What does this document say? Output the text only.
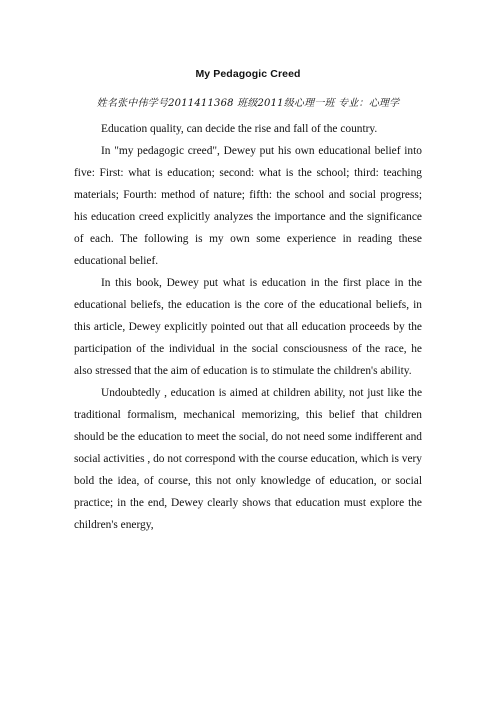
My Pedagogic Creed
姓名张中伟学号2011411368 班级2011级心理一班 专业：心理学

Education quality, can decide the rise and fall of the country.

In "my pedagogic creed", Dewey put his own educational belief into five: First: what is education; second: what is the school; third: teaching materials; Fourth: method of nature; fifth: the school and social progress; his education creed explicitly analyzes the importance and the significance of each. The following is my own some experience in reading these educational belief.

In this book, Dewey put what is education in the first place in the educational beliefs, the education is the core of the educational beliefs, in this article, Dewey explicitly pointed out that all education proceeds by the participation of the individual in the social consciousness of the race, he also stressed that the aim of education is to stimulate the children's ability.

Undoubtedly , education is aimed at children ability, not just like the traditional formalism, mechanical memorizing, this belief that children should be the education to meet the social, do not need some indifferent and social activities , do not correspond with the course education, which is very bold the idea, of course, this not only knowledge of education, or social practice; in the end, Dewey clearly shows that education must explore the children's energy,
